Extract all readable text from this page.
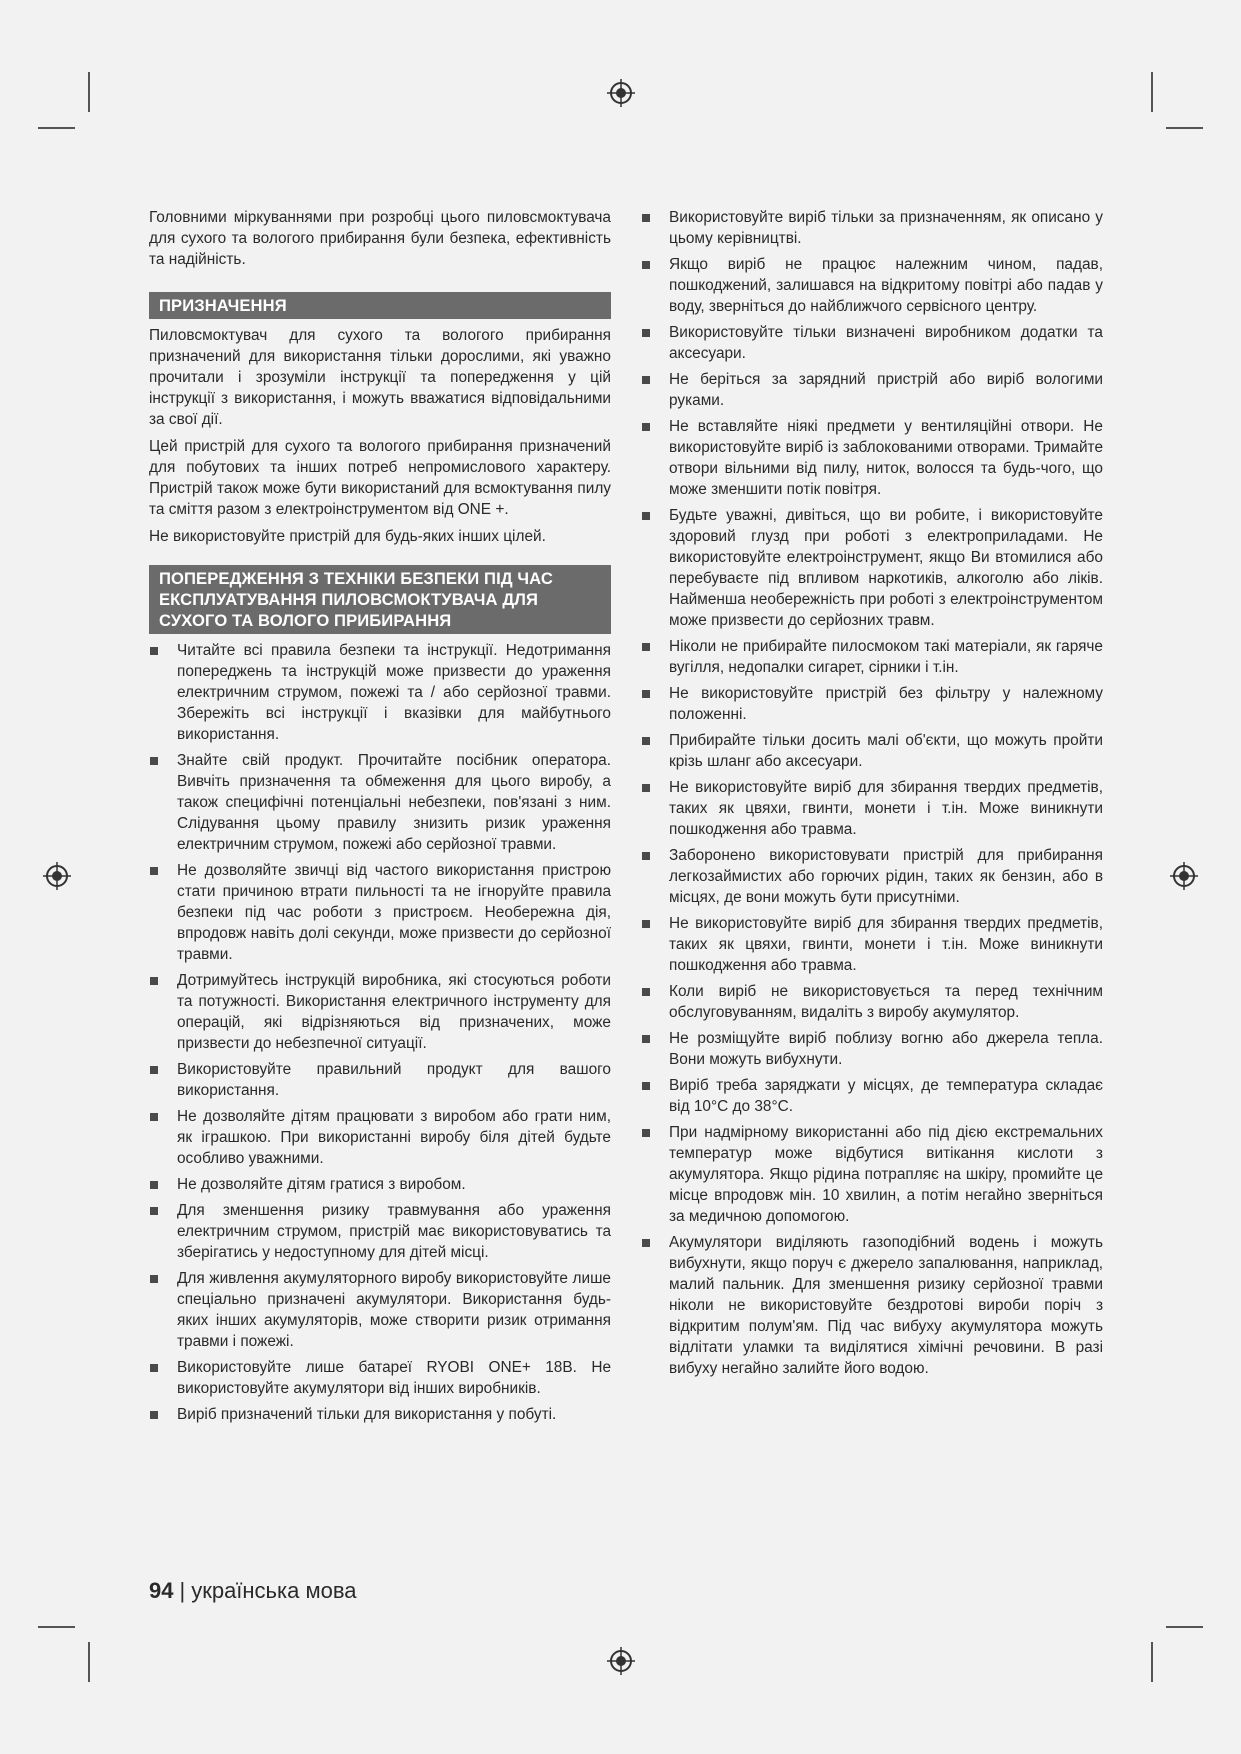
Головними міркуваннями при розробці цього пиловсмоктувача для сухого та вологого прибирання були безпека, ефективність та надійність.

ПРИЗНАЧЕННЯ

Пиловсмоктувач для сухого та вологого прибирання призначений для використання тільки дорослими, які уважно прочитали і зрозуміли інструкції та попередження у цій інструкції з використання, і можуть вважатися відповідальними за свої дії.

Цей пристрій для сухого та вологого прибирання призначений для побутових та інших потреб непромислового характеру. Пристрій також може бути використаний для всмоктування пилу та сміття разом з електроінструментом від ONE +.

Не використовуйте пристрій для будь-яких інших цілей.

ПОПЕРЕДЖЕННЯ З ТЕХНІКИ БЕЗПЕКИ ПІД ЧАС ЕКСПЛУАТУВАННЯ ПИЛОВСМОКТУВАЧА ДЛЯ СУХОГО ТА ВОЛОГО ПРИБИРАННЯ
Читайте всі правила безпеки та інструкції. Недотримання попереджень та інструкцій може призвести до ураження електричним струмом, пожежі та / або серйозної травми. Збережіть всі інструкції і вказівки для майбутнього використання.
Знайте свій продукт. Прочитайте посібник оператора. Вивчіть призначення та обмеження для цього виробу, а також специфічні потенціальні небезпеки, пов'язані з ним. Слідування цьому правилу знизить ризик ураження електричним струмом, пожежі або серйозної травми.
Не дозволяйте звичці від частого використання пристрою стати причиною втрати пильності та не ігноруйте правила безпеки під час роботи з пристроєм. Необережна дія, впродовж навіть долі секунди, може призвести до серйозної травми.
Дотримуйтесь інструкцій виробника, які стосуються роботи та потужності. Використання електричного інструменту для операцій, які відрізняються від призначених, може призвести до небезпечної ситуації.
Використовуйте правильний продукт для вашого використання.
Не дозволяйте дітям працювати з виробом або грати ним, як іграшкою. При використанні виробу біля дітей будьте особливо уважними.
Не дозволяйте дітям гратися з виробом.
Для зменшення ризику травмування або ураження електричним струмом, пристрій має використовуватись та зберігатись у недоступному для дітей місці.
Для живлення акумуляторного виробу використовуйте лише спеціально призначені акумулятори. Використання будь-яких інших акумуляторів, може створити ризик отримання травми і пожежі.
Використовуйте лише батареї RYOBI ONE+ 18В. Не використовуйте акумулятори від інших виробників.
Виріб призначений тільки для використання у побуті.
Використовуйте виріб тільки за призначенням, як описано у цьому керівництві.
Якщо виріб не працює належним чином, падав, пошкоджений, залишався на відкритому повітрі або падав у воду, зверніться до найближчого сервісного центру.
Використовуйте тільки визначені виробником додатки та аксесуари.
Не беріться за зарядний пристрій або виріб вологими руками.
Не вставляйте ніякі предмети у вентиляційні отвори. Не використовуйте виріб із заблокованими отворами. Тримайте отвори вільними від пилу, ниток, волосся та будь-чого, що може зменшити потік повітря.
Будьте уважні, дивіться, що ви робите, і використовуйте здоровий глузд при роботі з електроприладами. Не використовуйте електроінструмент, якщо Ви втомилися або перебуваєте під впливом наркотиків, алкоголю або ліків. Найменша необережність при роботі з електроінструментом може призвести до серйозних травм.
Ніколи не прибирайте пилосмоком такі матеріали, як гаряче вугілля, недопалки сигарет, сірники і т.ін.
Не використовуйте пристрій без фільтру у належному положенні.
Прибирайте тільки досить малі об'єкти, що можуть пройти крізь шланг або аксесуари.
Не використовуйте виріб для збирання твердих предметів, таких як цвяхи, гвинти, монети і т.ін. Може виникнути пошкодження або травма.
Заборонено використовувати пристрій для прибирання легкозаймистих або горючих рідин, таких як бензин, або в місцях, де вони можуть бути присутніми.
Не використовуйте виріб для збирання твердих предметів, таких як цвяхи, гвинти, монети і т.ін. Може виникнути пошкодження або травма.
Коли виріб не використовується та перед технічним обслуговуванням, видаліть з виробу акумулятор.
Не розміщуйте виріб поблизу вогню або джерела тепла. Вони можуть вибухнути.
Виріб треба заряджати у місцях, де температура складає від 10°C до 38°C.
При надмірному використанні або під дією екстремальних температур може відбутися витікання кислоти з акумулятора. Якщо рідина потрапляє на шкіру, промийте це місце впродовж мін. 10 хвилин, а потім негайно зверніться за медичною допомогою.
Акумулятори виділяють газоподібний водень і можуть вибухнути, якщо поруч є джерело запалювання, наприклад, малий пальник. Для зменшення ризику серйозної травми ніколи не використовуйте бездротові вироби поріч з відкритим полум'ям. Під час вибуху акумулятора можуть відлітати уламки та виділятися хімічні речовини. В разі вибуху негайно залийте його водою.
94 | українська мова
